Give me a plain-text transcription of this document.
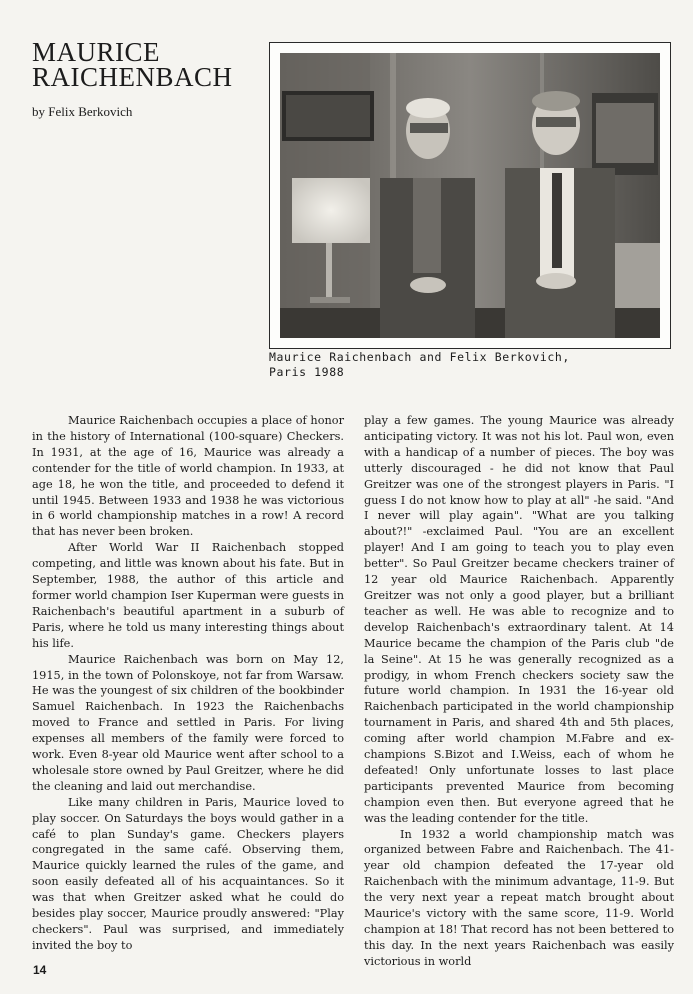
MAURICE
RAICHENBACH
by Felix Berkovich
Maurice Raichenbach and Felix Berkovich,
Paris 1988

Maurice Raichenbach occupies a place of honor in the history of International (100-square) Checkers. In 1931, at the age of 16, Maurice was already a contender for the title of world champion. In 1933, at age 18, he won the title, and proceeded to defend it until 1945. Between 1933 and 1938 he was victorious in 6 world championship matches in a row! A record that has never been broken.

After World War II Raichenbach stopped competing, and little was known about his fate. But in September, 1988, the author of this article and former world champion Iser Kuperman were guests in Raichenbach's beautiful apartment in a suburb of Paris, where he told us many interesting things about his life.

Maurice Raichenbach was born on May 12, 1915, in the town of Polonskoye, not far from Warsaw. He was the youngest of six children of the bookbinder Samuel Raichenbach. In 1923 the Raichenbachs moved to France and settled in Paris. For living expenses all members of the family were forced to work. Even 8-year old Maurice went after school to a wholesale store owned by Paul Greitzer, where he did the cleaning and laid out merchandise.

Like many children in Paris, Maurice loved to play soccer. On Saturdays the boys would gather in a café to plan Sunday's game. Checkers players congregated in the same café. Observing them, Maurice quickly learned the rules of the game, and soon easily defeated all of his acquaintances. So it was that when Greitzer asked what he could do besides play soccer, Maurice proudly answered: "Play checkers". Paul was surprised, and immediately invited the boy to

play a few games. The young Maurice was already anticipating victory. It was not his lot. Paul won, even with a handicap of a number of pieces. The boy was utterly discouraged - he did not know that Paul Greitzer was one of the strongest players in Paris. "I guess I do not know how to play at all" -he said. "And I never will play again". "What are you talking about?!" -exclaimed Paul. "You are an excellent player! And I am going to teach you to play even better". So Paul Greitzer became checkers trainer of 12 year old Maurice Raichenbach. Apparently Greitzer was not only a good player, but a brilliant teacher as well. He was able to recognize and to develop Raichenbach's extraordinary talent. At 14 Maurice became the champion of the Paris club "de la Seine". At 15 he was generally recognized as a prodigy, in whom French checkers society saw the future world champion. In 1931 the 16-year old Raichenbach participated in the world championship tournament in Paris, and shared 4th and 5th places, coming after world champion M.Fabre and ex-champions S.Bizot and I.Weiss, each of whom he defeated! Only unfortunate losses to last place participants prevented Maurice from becoming champion even then. But everyone agreed that he was the leading contender for the title.

In 1932 a world championship match was organized between Fabre and Raichenbach. The 41-year old champion defeated the 17-year old Raichenbach with the minimum advantage, 11-9. But the very next year a repeat match brought about Maurice's victory with the same score, 11-9. World champion at 18! That record has not been bettered to this day. In the next years Raichenbach was easily victorious in world

14
